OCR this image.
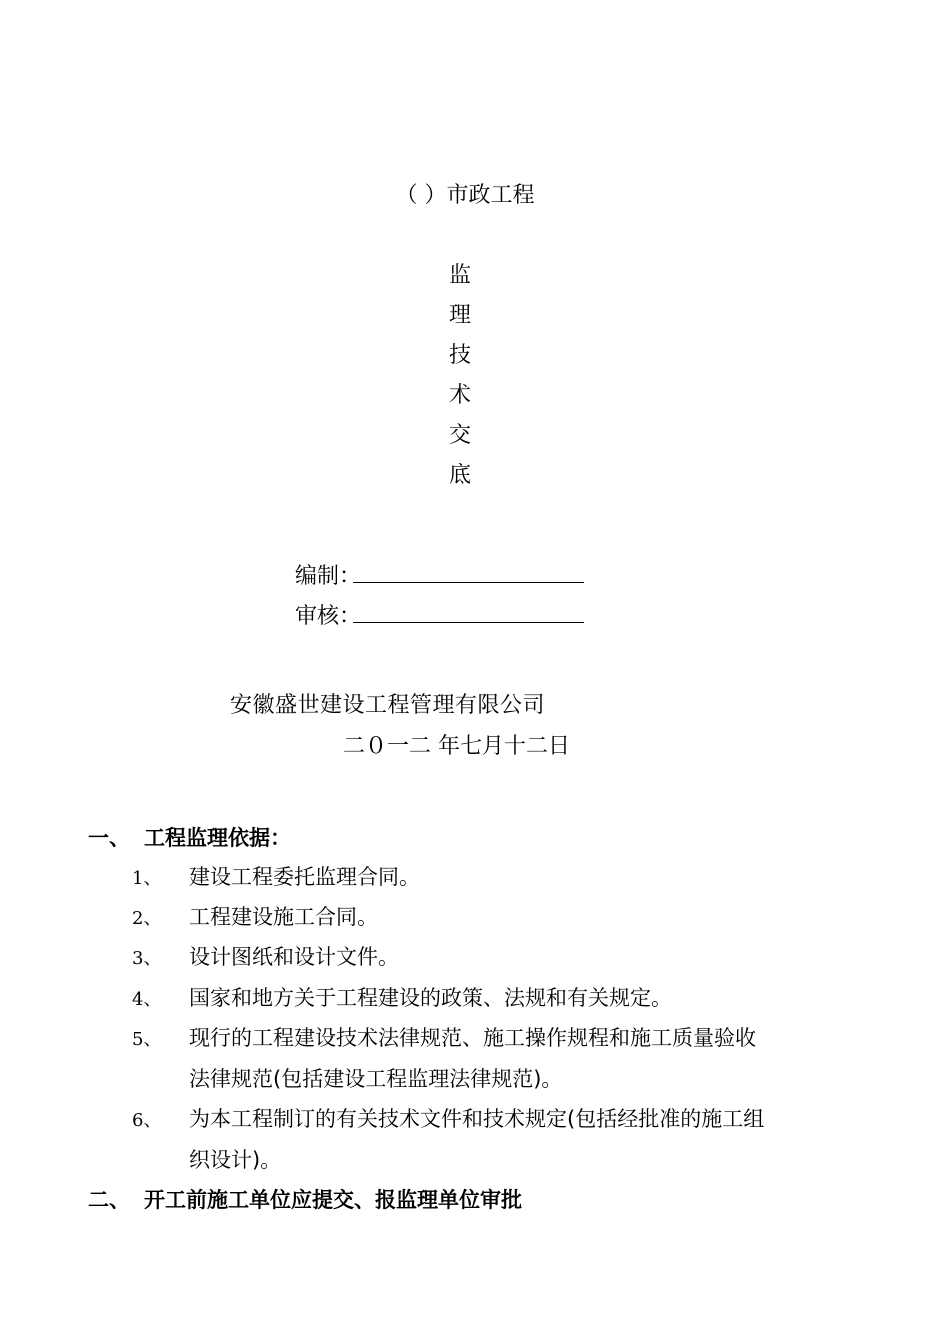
（ ）市政工程
监
理
技
术
交
底
编制：
审核：
安徽盛世建设工程管理有限公司
二０一二 年七月十二日
一、 工程监理依据：
1、 建设工程委托监理合同。
2、 工程建设施工合同。
3、 设计图纸和设计文件。
4、 国家和地方关于工程建设的政策、法规和有关规定。
5、 现行的工程建设技术法律规范、施工操作规程和施工质量验收
法律规范(包括建设工程监理法律规范)。
6、 为本工程制订的有关技术文件和技术规定(包括经批准的施工组
织设计)。
二、 开工前施工单位应提交、报监理单位审批
